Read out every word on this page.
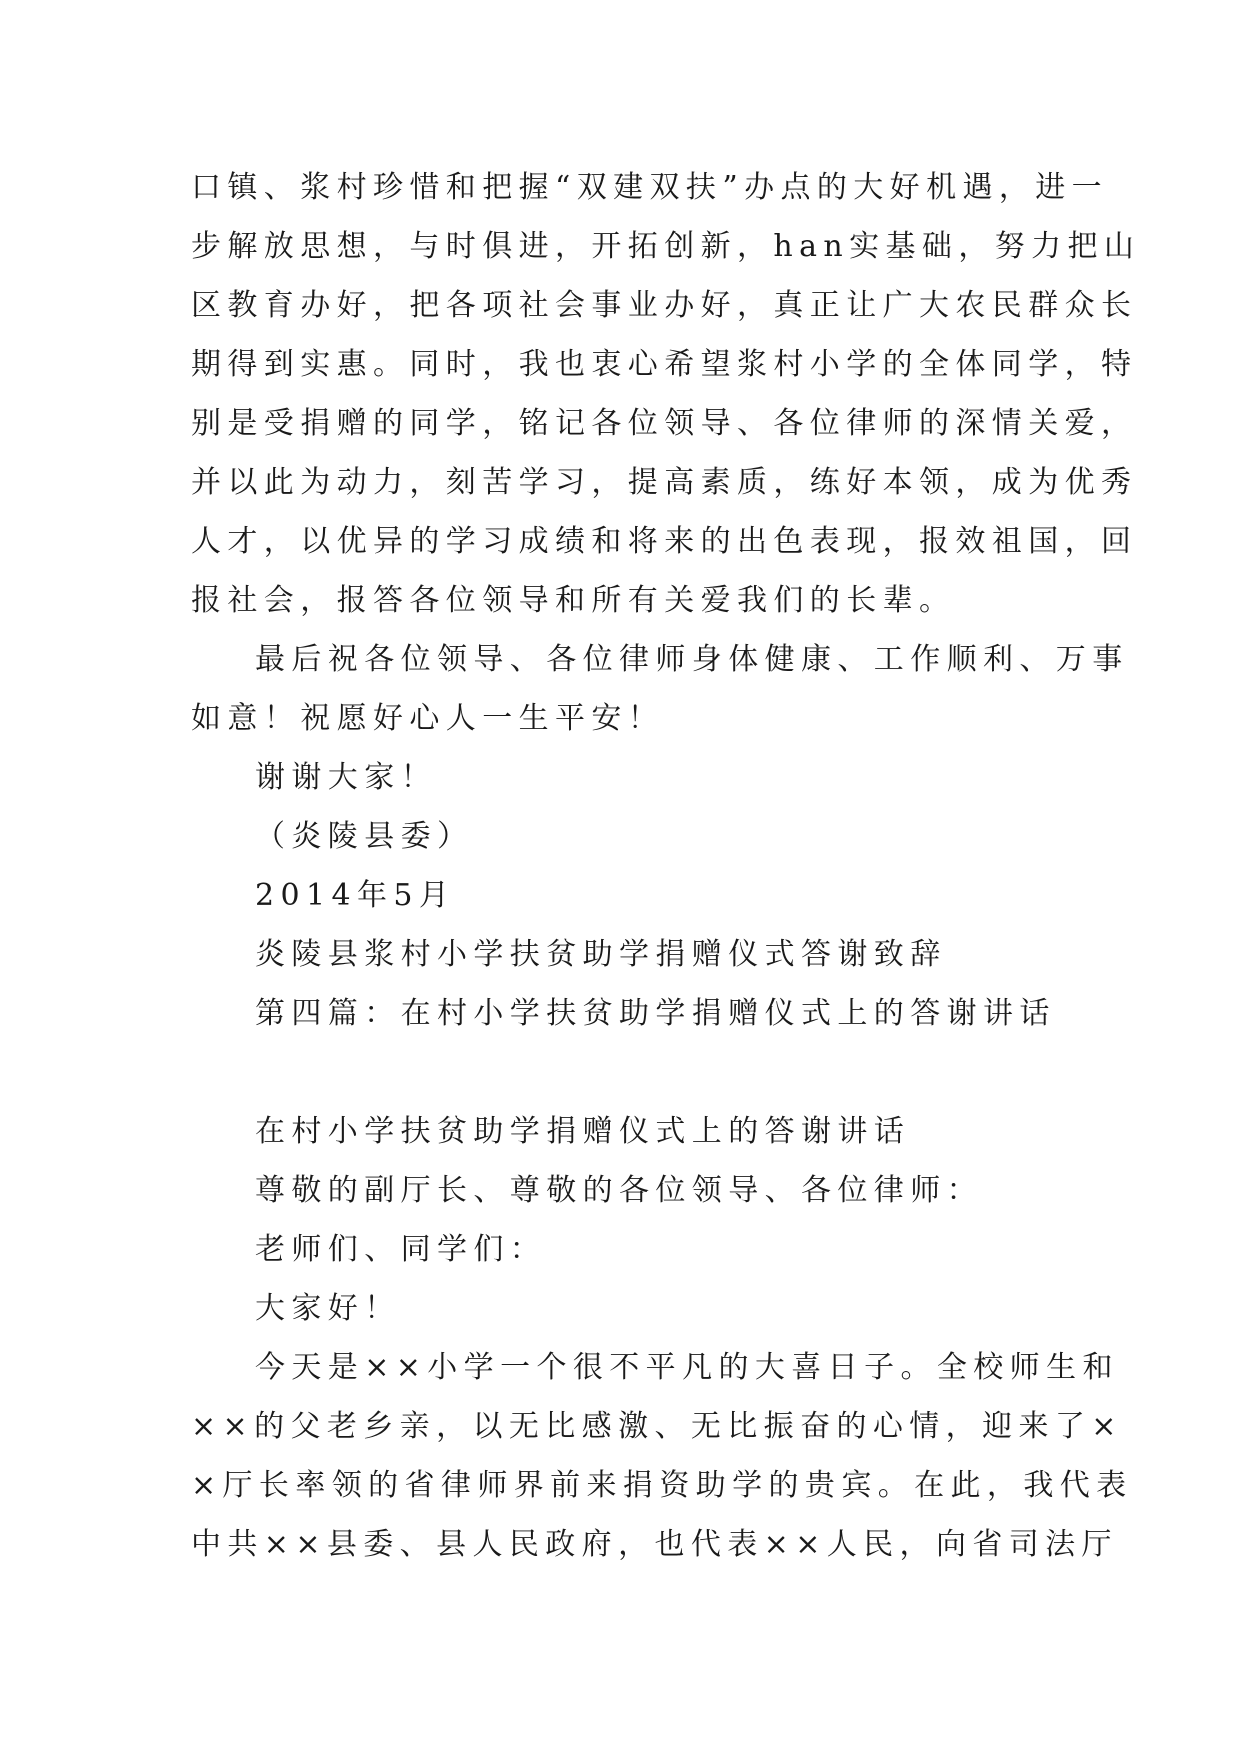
口镇、浆村珍惜和把握“双建双扶”办点的大好机遇，进一
步解放思想，与时俱进，开拓创新，han实基础，努力把山
区教育办好，把各项社会事业办好，真正让广大农民群众长
期得到实惠。同时，我也衷心希望浆村小学的全体同学，特
别是受捐赠的同学，铭记各位领导、各位律师的深情关爱，
并以此为动力，刻苦学习，提高素质，练好本领，成为优秀
人才，以优异的学习成绩和将来的出色表现，报效祖国，回
报社会，报答各位领导和所有关爱我们的长辈。
最后祝各位领导、各位律师身体健康、工作顺利、万事
如意！祝愿好心人一生平安！
谢谢大家！
（炎陵县委）
2014年5月
炎陵县浆村小学扶贫助学捐赠仪式答谢致辞
第四篇：在村小学扶贫助学捐赠仪式上的答谢讲话
在村小学扶贫助学捐赠仪式上的答谢讲话
尊敬的副厅长、尊敬的各位领导、各位律师：
老师们、同学们：
大家好！
今天是××小学一个很不平凡的大喜日子。全校师生和
××的父老乡亲，以无比感激、无比振奋的心情，迎来了×
×厅长率领的省律师界前来捐资助学的贵宾。在此，我代表
中共××县委、县人民政府，也代表××人民，向省司法厅
